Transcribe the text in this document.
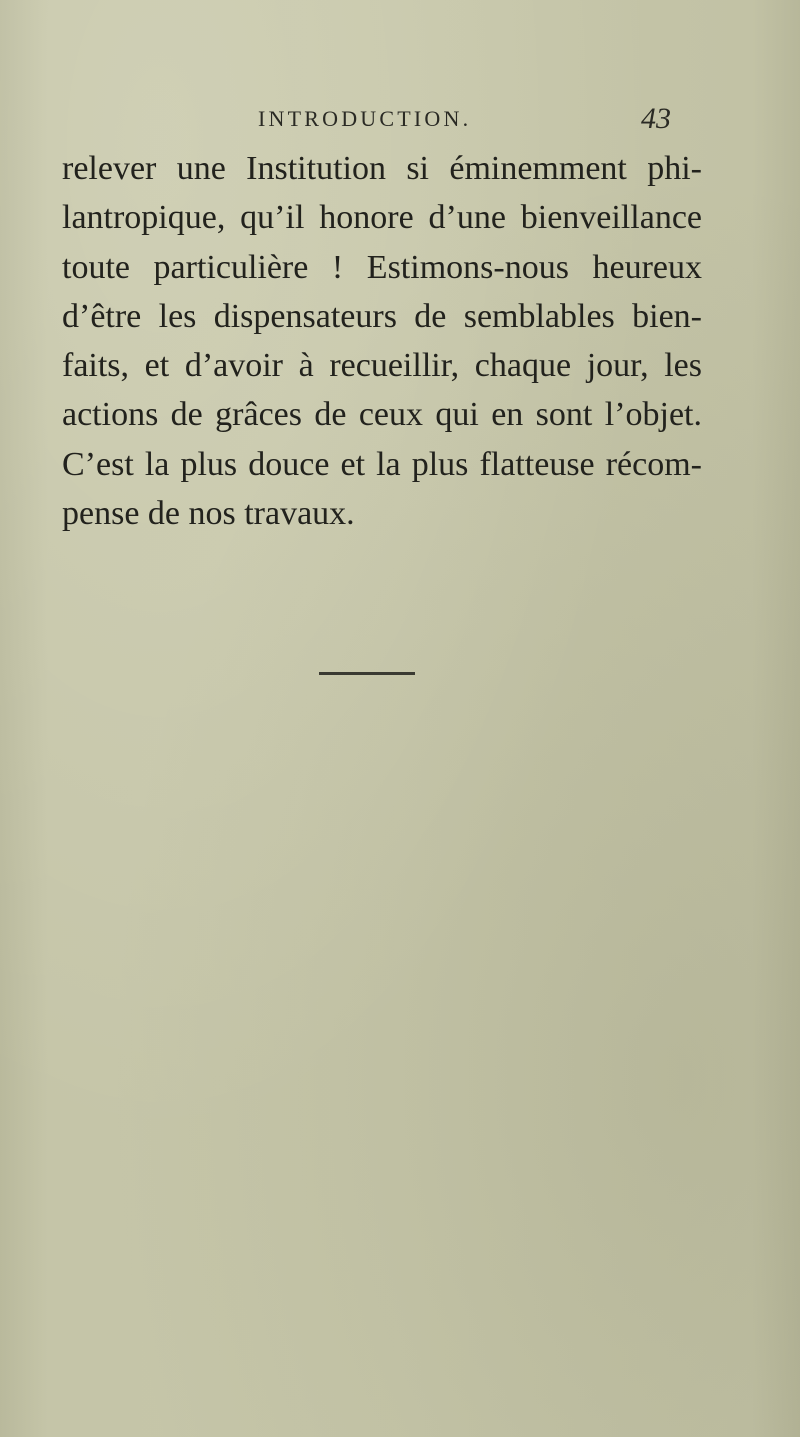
INTRODUCTION.	43
relever une Institution si éminemment phi-
lantropique, qu’il honore d’une bienveillance
toute particulière ! Estimons-nous heureux
d’être les dispensateurs de semblables bien-
faits, et d’avoir à recueillir, chaque jour, les
actions de grâces de ceux qui en sont l’objet.
C’est la plus douce et la plus flatteuse récom-
pense de nos travaux.
